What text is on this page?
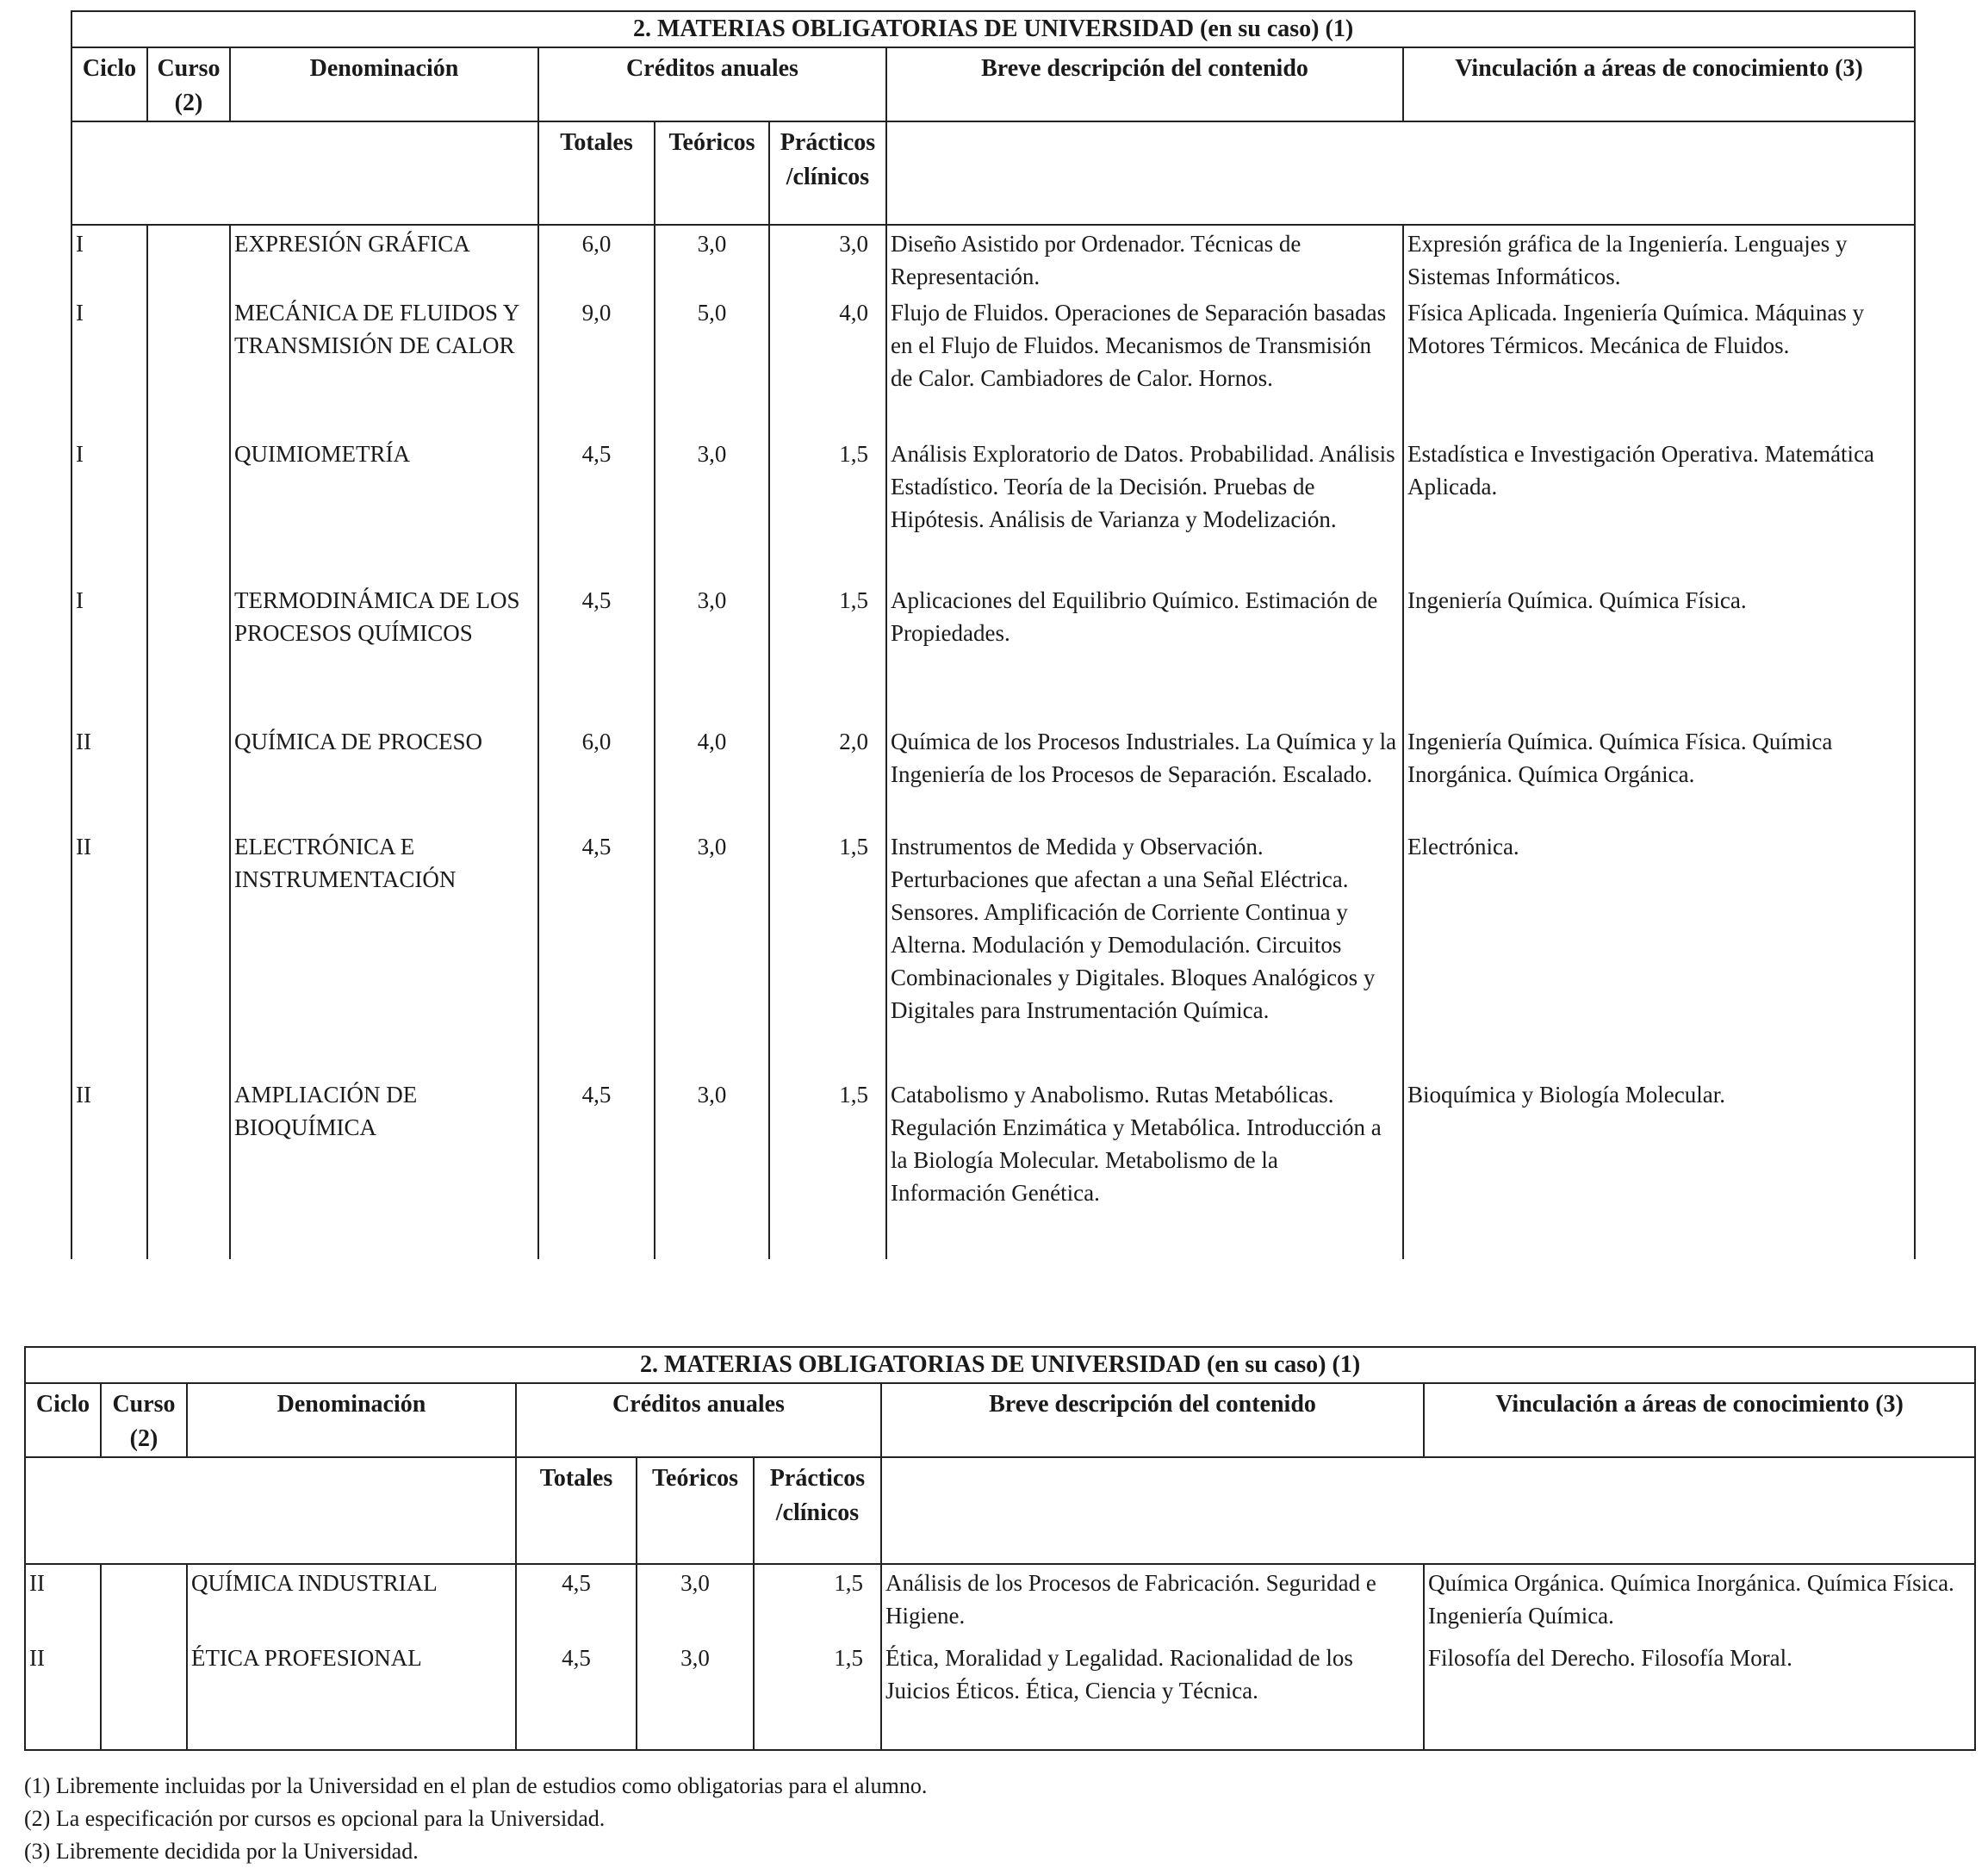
2. MATERIAS OBLIGATORIAS DE UNIVERSIDAD (en su caso) (1)							
Ciclo	Curso (2)	Denominación	Créditos anuales			Breve descripción del contenido	Vinculación a áreas de conocimiento (3)
			Totales	Teóricos	Prácticos /clínicos		
I		EXPRESIÓN GRÁFICA	6,0	3,0	3,0	Diseño Asistido por Ordenador. Técnicas de Representación.	Expresión gráfica de la Ingeniería. Lenguajes y Sistemas Informáticos.
I		MECÁNICA DE FLUIDOS Y TRANSMISIÓN DE CALOR	9,0	5,0	4,0	Flujo de Fluidos. Operaciones de Separación basadas en el Flujo de Fluidos. Mecanismos de Transmisión de Calor. Cambiadores de Calor. Hornos.	Física Aplicada. Ingeniería Química. Máquinas y Motores Térmicos. Mecánica de Fluidos.
I		QUIMIOMETRÍA	4,5	3,0	1,5	Análisis Exploratorio de Datos. Probabilidad. Análisis Estadístico. Teoría de la Decisión. Pruebas de Hipótesis. Análisis de Varianza y Modelización.	Estadística e Investigación Operativa. Matemática Aplicada.
I		TERMODINÁMICA DE LOS PROCESOS QUÍMICOS	4,5	3,0	1,5	Aplicaciones del Equilibrio Químico. Estimación de Propiedades.	Ingeniería Química. Química Física.
II		QUÍMICA DE PROCESO	6,0	4,0	2,0	Química de los Procesos Industriales. La Química y la Ingeniería de los Procesos de Separación. Escalado.	Ingeniería Química. Química Física. Química Inorgánica. Química Orgánica.
II		ELECTRÓNICA E INSTRUMENTACIÓN	4,5	3,0	1,5	Instrumentos de Medida y Observación. Perturbaciones que afectan a una Señal Eléctrica. Sensores. Amplificación de Corriente Continua y Alterna. Modulación y Demodulación. Circuitos Combinacionales y Digitales. Bloques Analógicos y Digitales para Instrumentación Química.	Electrónica.
II		AMPLIACIÓN DE BIOQUÍMICA	4,5	3,0	1,5	Catabolismo y Anabolismo. Rutas Metabólicas. Regulación Enzimática y Metabólica. Introducción a la Biología Molecular. Metabolismo de la Información Genética.	Bioquímica y Biología Molecular.
2. MATERIAS OBLIGATORIAS DE UNIVERSIDAD (en su caso) (1)							
Ciclo	Curso (2)	Denominación	Créditos anuales			Breve descripción del contenido	Vinculación a áreas de conocimiento (3)
			Totales	Teóricos	Prácticos /clínicos		
II		QUÍMICA INDUSTRIAL	4,5	3,0	1,5	Análisis de los Procesos de Fabricación. Seguridad e Higiene.	Química Orgánica. Química Inorgánica. Química Física. Ingeniería Química.
II		ÉTICA PROFESIONAL	4,5	3,0	1,5	Ética, Moralidad y Legalidad. Racionalidad de los Juicios Éticos. Ética, Ciencia y Técnica.	Filosofía del Derecho. Filosofía Moral.
(1) Libremente incluidas por la Universidad en el plan de estudios como obligatorias para el alumno.
(2) La especificación por cursos es opcional para la Universidad.
(3) Libremente decidida por la Universidad.
